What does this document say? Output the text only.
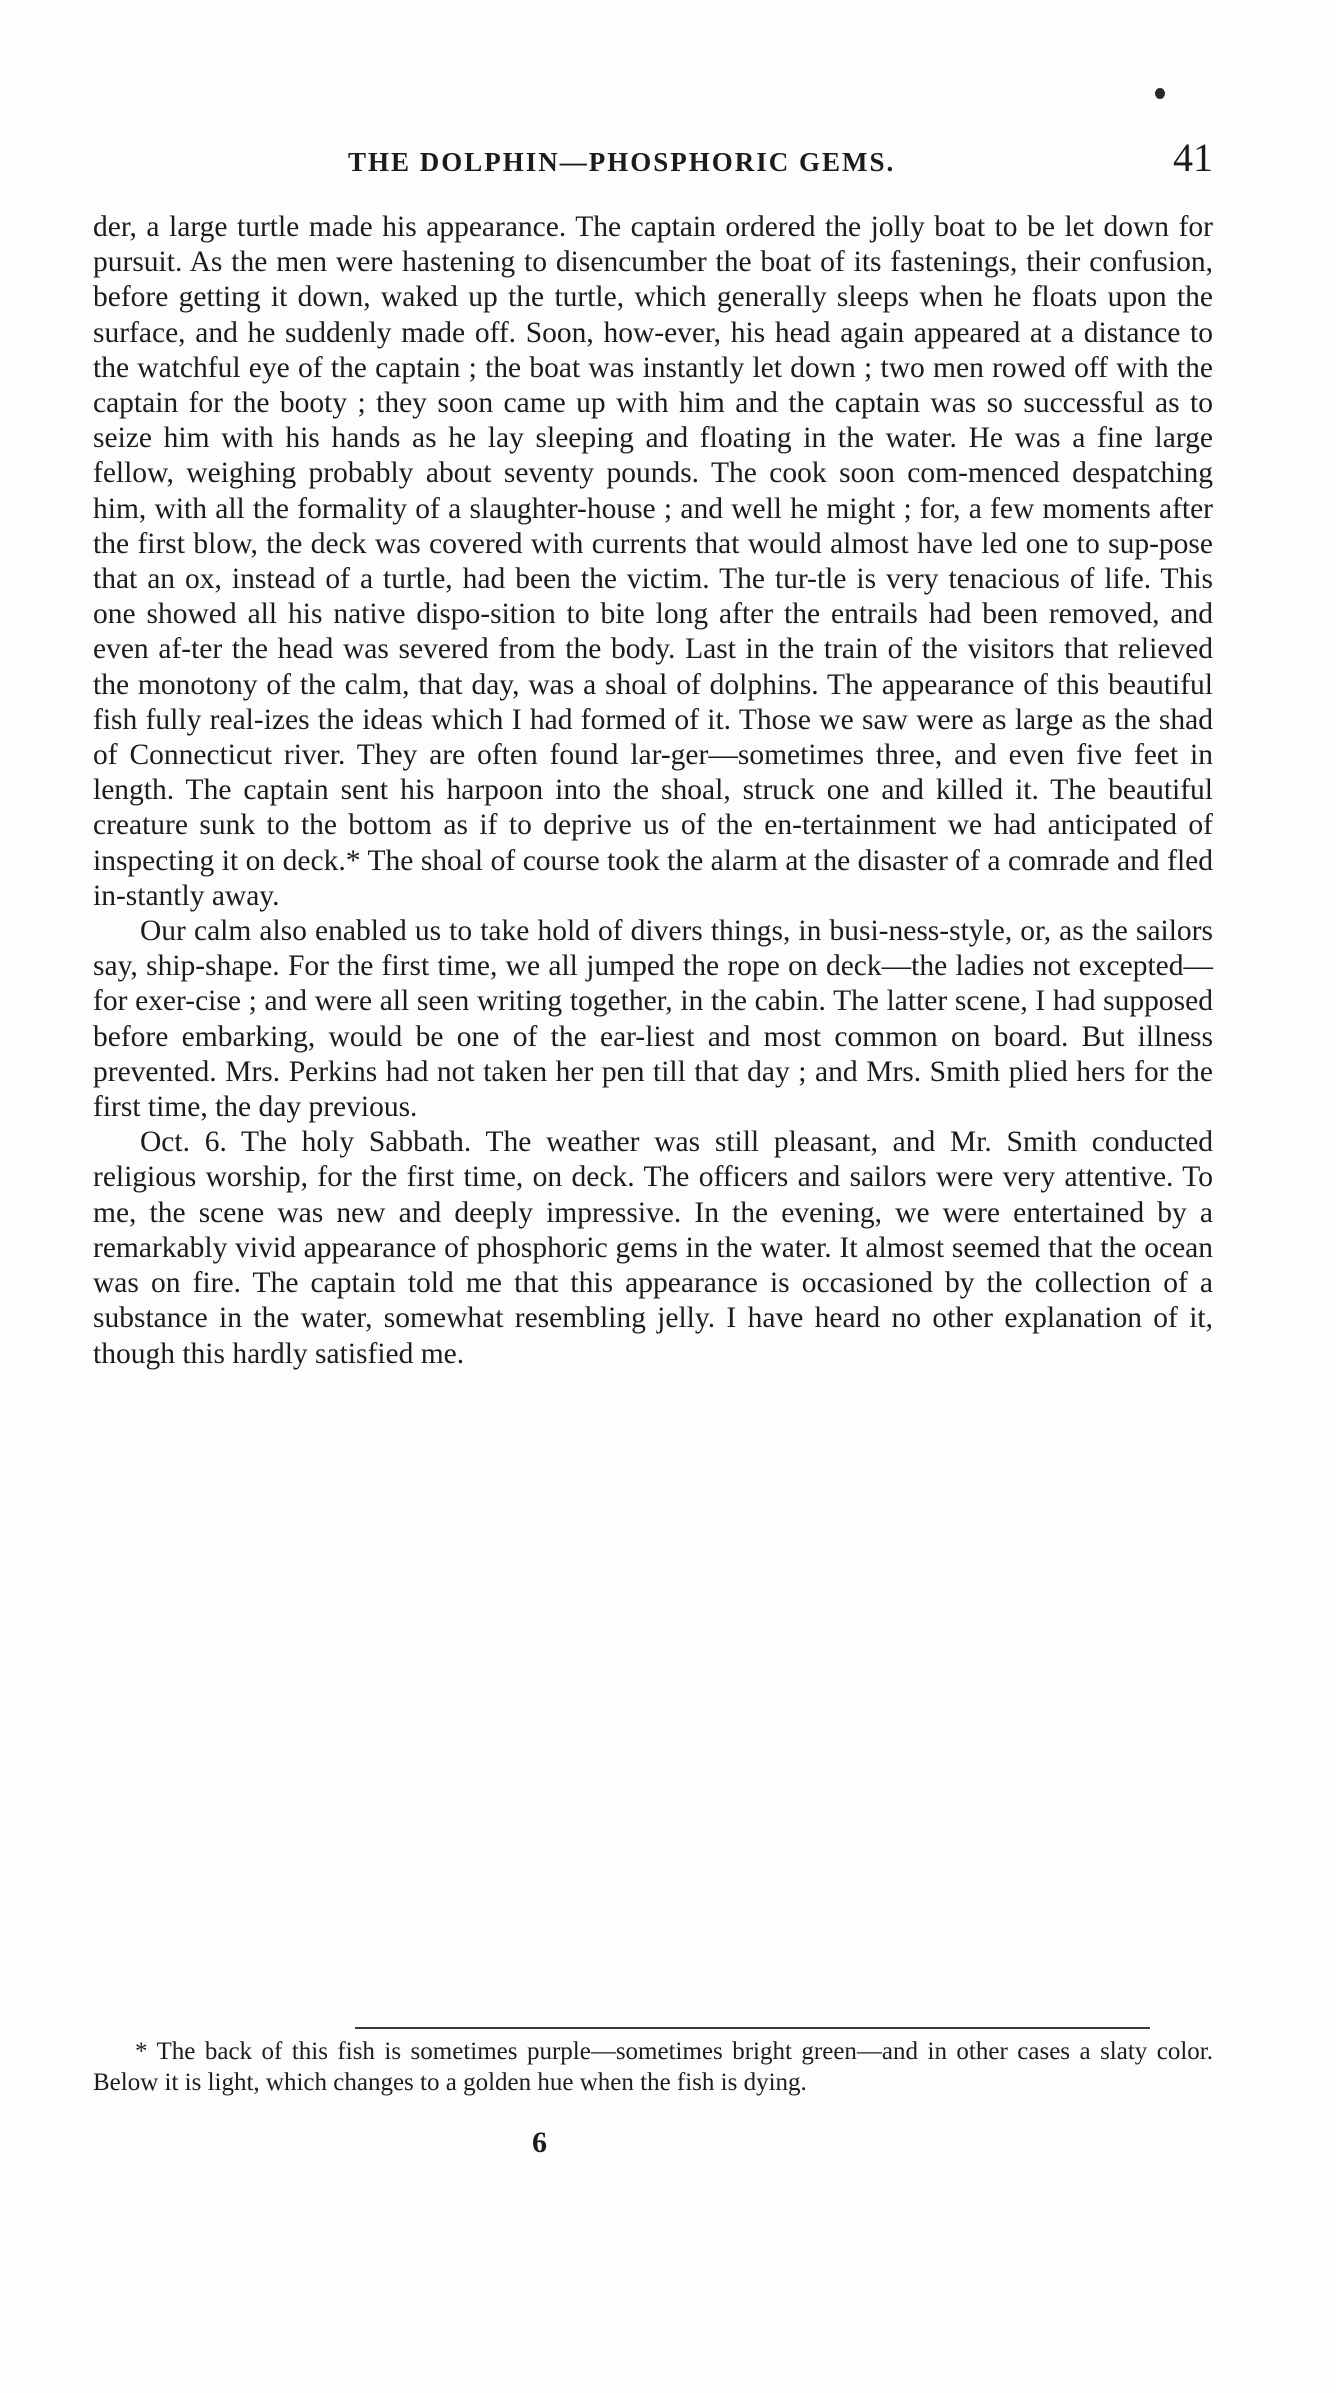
THE DOLPHIN—PHOSPHORIC GEMS.	41

der, a large turtle made his appearance. The captain ordered the jolly boat to be let down for pursuit. As the men were hastening to disencumber the boat of its fastenings, their confusion, before getting it down, waked up the turtle, which generally sleeps when he floats upon the surface, and he suddenly made off. Soon, how-ever, his head again appeared at a distance to the watchful eye of the captain ; the boat was instantly let down ; two men rowed off with the captain for the booty ; they soon came up with him and the captain was so successful as to seize him with his hands as he lay sleeping and floating in the water. He was a fine large fellow, weighing probably about seventy pounds. The cook soon com-menced despatching him, with all the formality of a slaughter-house ; and well he might ; for, a few moments after the first blow, the deck was covered with currents that would almost have led one to sup-pose that an ox, instead of a turtle, had been the victim. The tur-tle is very tenacious of life. This one showed all his native dispo-sition to bite long after the entrails had been removed, and even af-ter the head was severed from the body. Last in the train of the visitors that relieved the monotony of the calm, that day, was a shoal of dolphins. The appearance of this beautiful fish fully real-izes the ideas which I had formed of it. Those we saw were as large as the shad of Connecticut river. They are often found lar-ger—sometimes three, and even five feet in length. The captain sent his harpoon into the shoal, struck one and killed it. The beautiful creature sunk to the bottom as if to deprive us of the en-tertainment we had anticipated of inspecting it on deck.* The shoal of course took the alarm at the disaster of a comrade and fled in-stantly away.

Our calm also enabled us to take hold of divers things, in busi-ness-style, or, as the sailors say, ship-shape. For the first time, we all jumped the rope on deck—the ladies not excepted—for exer-cise ; and were all seen writing together, in the cabin. The latter scene, I had supposed before embarking, would be one of the ear-liest and most common on board. But illness prevented. Mrs. Perkins had not taken her pen till that day ; and Mrs. Smith plied hers for the first time, the day previous.

Oct. 6. The holy Sabbath. The weather was still pleasant, and Mr. Smith conducted religious worship, for the first time, on deck. The officers and sailors were very attentive. To me, the scene was new and deeply impressive. In the evening, we were entertained by a remarkably vivid appearance of phosphoric gems in the water. It almost seemed that the ocean was on fire. The captain told me that this appearance is occasioned by the collection of a substance in the water, somewhat resembling jelly. I have heard no other explanation of it, though this hardly satisfied me.

* The back of this fish is sometimes purple—sometimes bright green—and in other cases a slaty color. Below it is light, which changes to a golden hue when the fish is dying.

6
